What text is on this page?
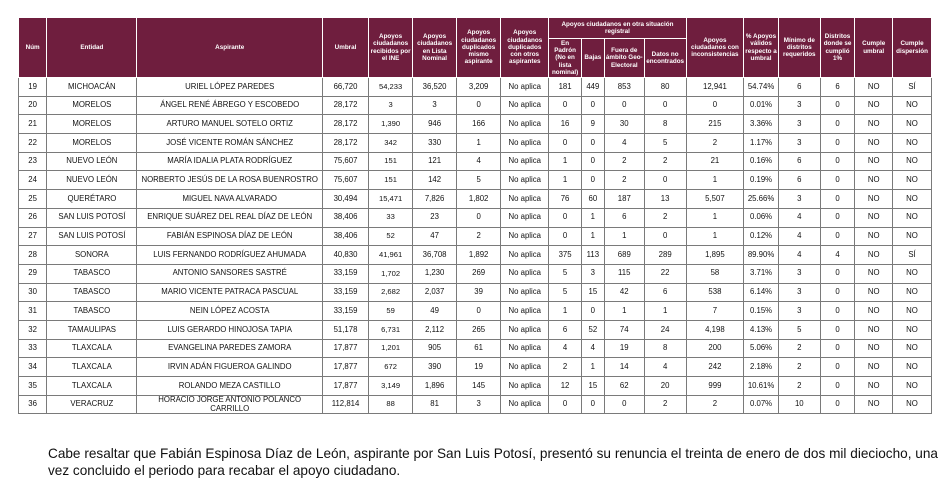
Núm	Entidad	Aspirante	Umbral	Apoyos ciudadanos recibidos por el INE	Apoyos ciudadanos en Lista Nominal	Apoyos ciudadanos duplicados mismo aspirante	Apoyos ciudadanos duplicados con otros aspirantes	Apoyos ciudadanos en otra situación registral				Apoyos ciudadanos con inconsistencias	% Apoyos válidos respecto a umbral	Mínimo de distritos requeridos	Distritos donde se cumplió 1%	Cumple umbral	Cumple dispersión
								En Padrón (No en lista nominal)	Bajas	Fuera de ámbito Geo-Electoral	Datos no encontrados						
19	MICHOACÁN	URIEL LÓPEZ PAREDES	66,720	54,233	36,520	3,209	No aplica	181	449	853	80	12,941	54.74%	6	6	NO	SÍ
20	MORELOS	ÁNGEL RENÉ ÁBREGO Y ESCOBEDO	28,172	3	3	0	No aplica	0	0	0	0	0	0.01%	3	0	NO	NO
21	MORELOS	ARTURO MANUEL SOTELO ORTIZ	28,172	1,390	946	166	No aplica	16	9	30	8	215	3.36%	3	0	NO	NO
22	MORELOS	JOSÉ VICENTE ROMÁN SÁNCHEZ	28,172	342	330	1	No aplica	0	0	4	5	2	1.17%	3	0	NO	NO
23	NUEVO LEÓN	MARÍA IDALIA PLATA RODRÍGUEZ	75,607	151	121	4	No aplica	1	0	2	2	21	0.16%	6	0	NO	NO
24	NUEVO LEÓN	NORBERTO JESÚS DE LA ROSA BUENROSTRO	75,607	151	142	5	No aplica	1	0	2	0	1	0.19%	6	0	NO	NO
25	QUERÉTARO	MIGUEL NAVA ALVARADO	30,494	15,471	7,826	1,802	No aplica	76	60	187	13	5,507	25.66%	3	0	NO	NO
26	SAN LUIS POTOSÍ	ENRIQUE SUÁREZ DEL REAL DÍAZ DE LEÓN	38,406	33	23	0	No aplica	0	1	6	2	1	0.06%	4	0	NO	NO
27	SAN LUIS POTOSÍ	FABIÁN ESPINOSA DÍAZ DE LEÓN	38,406	52	47	2	No aplica	0	1	1	0	1	0.12%	4	0	NO	NO
28	SONORA	LUIS FERNANDO RODRÍGUEZ AHUMADA	40,830	41,961	36,708	1,892	No aplica	375	113	689	289	1,895	89.90%	4	4	NO	SÍ
29	TABASCO	ANTONIO SANSORES SASTRÉ	33,159	1,702	1,230	269	No aplica	5	3	115	22	58	3.71%	3	0	NO	NO
30	TABASCO	MARIO VICENTE PATRACA PASCUAL	33,159	2,682	2,037	39	No aplica	5	15	42	6	538	6.14%	3	0	NO	NO
31	TABASCO	NEIN LÓPEZ ACOSTA	33,159	59	49	0	No aplica	1	0	1	1	7	0.15%	3	0	NO	NO
32	TAMAULIPAS	LUIS GERARDO HINOJOSA TAPIA	51,178	6,731	2,112	265	No aplica	6	52	74	24	4,198	4.13%	5	0	NO	NO
33	TLAXCALA	EVANGELINA PAREDES ZAMORA	17,877	1,201	905	61	No aplica	4	4	19	8	200	5.06%	2	0	NO	NO
34	TLAXCALA	IRVIN ADÁN FIGUEROA GALINDO	17,877	672	390	19	No aplica	2	1	14	4	242	2.18%	2	0	NO	NO
35	TLAXCALA	ROLANDO MEZA CASTILLO	17,877	3,149	1,896	145	No aplica	12	15	62	20	999	10.61%	2	0	NO	NO
36	VERACRUZ	HORACIO JORGE ANTONIO POLANCO CARRILLO	112,814	88	81	3	No aplica	0	0	0	2	2	0.07%	10	0	NO	NO

Cabe resaltar que Fabián Espinosa Díaz de León, aspirante por San Luis Potosí, presentó su renuncia el treinta de enero de dos mil dieciocho, una vez concluido el periodo para recabar el apoyo ciudadano.
